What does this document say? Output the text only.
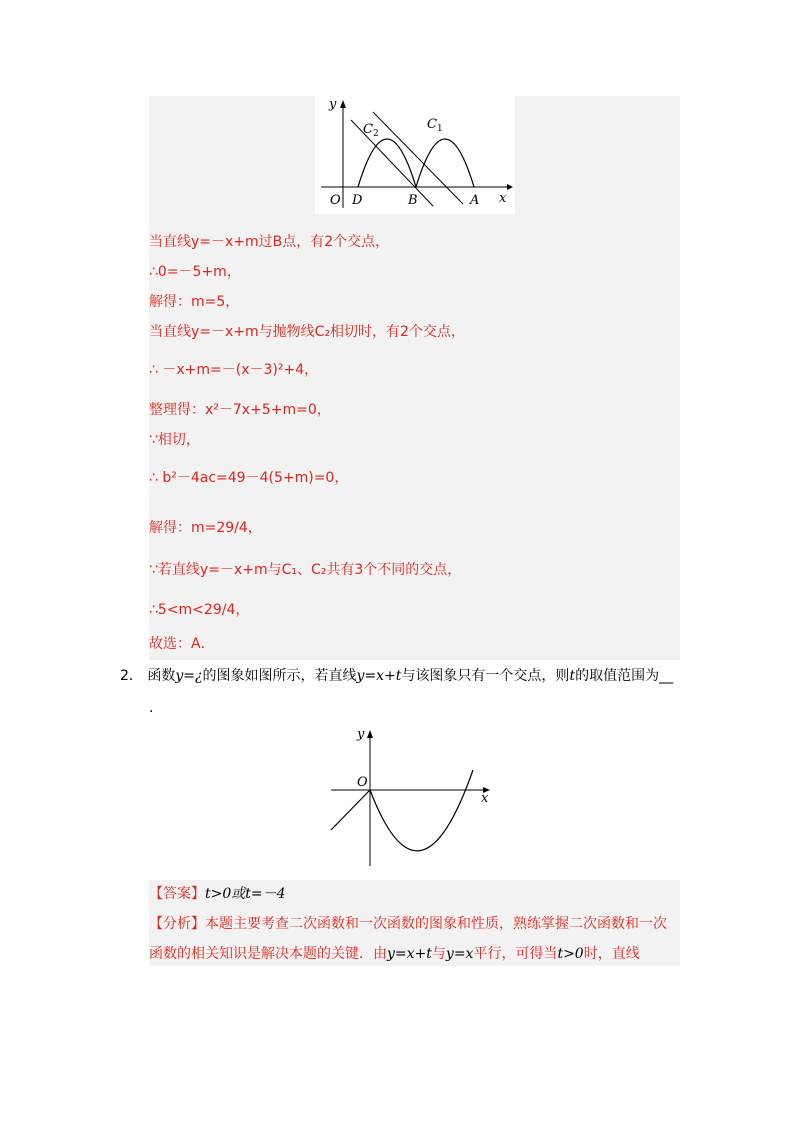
y
x
O D	B	A
$C_2$
$C_1$
当直线y=－x+m过B点，有2个交点，
∴0=－5+m，
解得：m=5，
当直线y=－x+m与抛物线C₂相切时，有2个交点，
∴ －x+m=－(x－3)²+4，
整理得：x²－7x+5+m=0，
∵相切，
∴ b²－4ac=49－4(5+m)=0，
解得：m=29/4，
∵若直线y=－x+m与C₁、C₂共有3个不同的交点，
∴5<m<29/4，
故选：A．
2． 函数y=¿的图象如图所示，若直线y=x+t与该图象只有一个交点，则t的取值范围为__
.
y
x
O
【答案】t>0或t=－4
【分析】本题主要考查二次函数和一次函数的图象和性质，熟练掌握二次函数和一次
函数的相关知识是解决本题的关键．由y=x+t与y=x平行，可得当t>0时，直线
